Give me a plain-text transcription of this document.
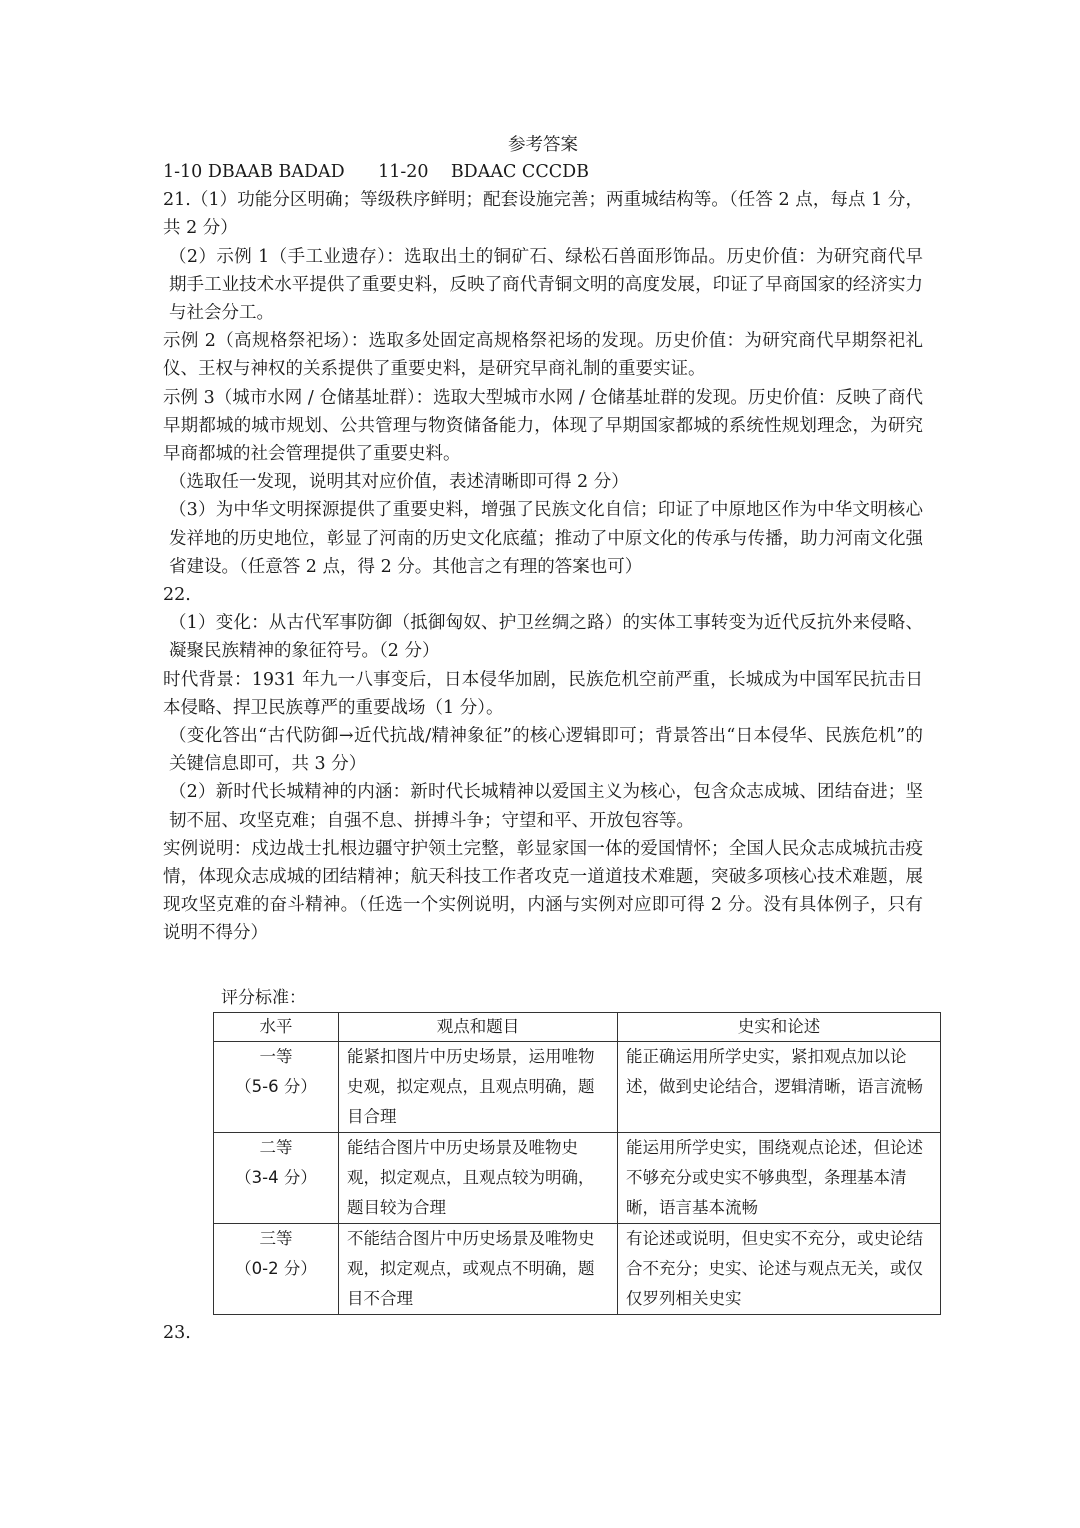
参考答案

1-10 DBAAB BADAD 11-20 BDAAC CCCDB

21.（1）功能分区明确；等级秩序鲜明；配套设施完善；两重城结构等。（任答 2 点，每点 1 分，共 2 分）

（2）示例 1（手工业遗存）：选取出土的铜矿石、绿松石兽面形饰品。历史价值：为研究商代早期手工业技术水平提供了重要史料，反映了商代青铜文明的高度发展，印证了早商国家的经济实力与社会分工。

示例 2（高规格祭祀场）：选取多处固定高规格祭祀场的发现。历史价值：为研究商代早期祭祀礼仪、王权与神权的关系提供了重要史料，是研究早商礼制的重要实证。

示例 3（城市水网 / 仓储基址群）：选取大型城市水网 / 仓储基址群的发现。历史价值：反映了商代早期都城的城市规划、公共管理与物资储备能力，体现了早期国家都城的系统性规划理念，为研究早商都城的社会管理提供了重要史料。

（选取任一发现，说明其对应价值，表述清晰即可得 2 分）

（3）为中华文明探源提供了重要史料，增强了民族文化自信；印证了中原地区作为中华文明核心发祥地的历史地位，彰显了河南的历史文化底蕴；推动了中原文化的传承与传播，助力河南文化强省建设。（任意答 2 点，得 2 分。其他言之有理的答案也可）

22.

（1）变化：从古代军事防御（抵御匈奴、护卫丝绸之路）的实体工事转变为近代反抗外来侵略、凝聚民族精神的象征符号。（2 分）

时代背景：1931 年九一八事变后，日本侵华加剧，民族危机空前严重，长城成为中国军民抗击日本侵略、捍卫民族尊严的重要战场（1 分）。

（变化答出“古代防御→近代抗战/精神象征”的核心逻辑即可；背景答出“日本侵华、民族危机”的关键信息即可，共 3 分）

（2）新时代长城精神的内涵：新时代长城精神以爱国主义为核心，包含众志成城、团结奋进；坚韧不屈、攻坚克难；自强不息、拼搏斗争；守望和平、开放包容等。

实例说明：戍边战士扎根边疆守护领土完整，彰显家国一体的爱国情怀；全国人民众志成城抗击疫情，体现众志成城的团结精神；航天科技工作者攻克一道道技术难题，突破多项核心技术难题，展现攻坚克难的奋斗精神。（任选一个实例说明，内涵与实例对应即可得 2 分。没有具体例子，只有说明不得分）

评分标准：

水平	观点和题目	史实和论述

一等
（5-6 分）	能紧扣图片中历史场景，运用唯物史观，拟定观点，且观点明确，题目合理	能正确运用所学史实，紧扣观点加以论述，做到史论结合，逻辑清晰，语言流畅

二等
（3-4 分）	能结合图片中历史场景及唯物史观，拟定观点，且观点较为明确，题目较为合理	能运用所学史实，围绕观点论述，但论述不够充分或史实不够典型，条理基本清晰，语言基本流畅

三等
（0-2 分）	不能结合图片中历史场景及唯物史观，拟定观点，或观点不明确，题目不合理	有论述或说明，但史实不充分，或史论结合不充分；史实、论述与观点无关，或仅仅罗列相关史实

23.
